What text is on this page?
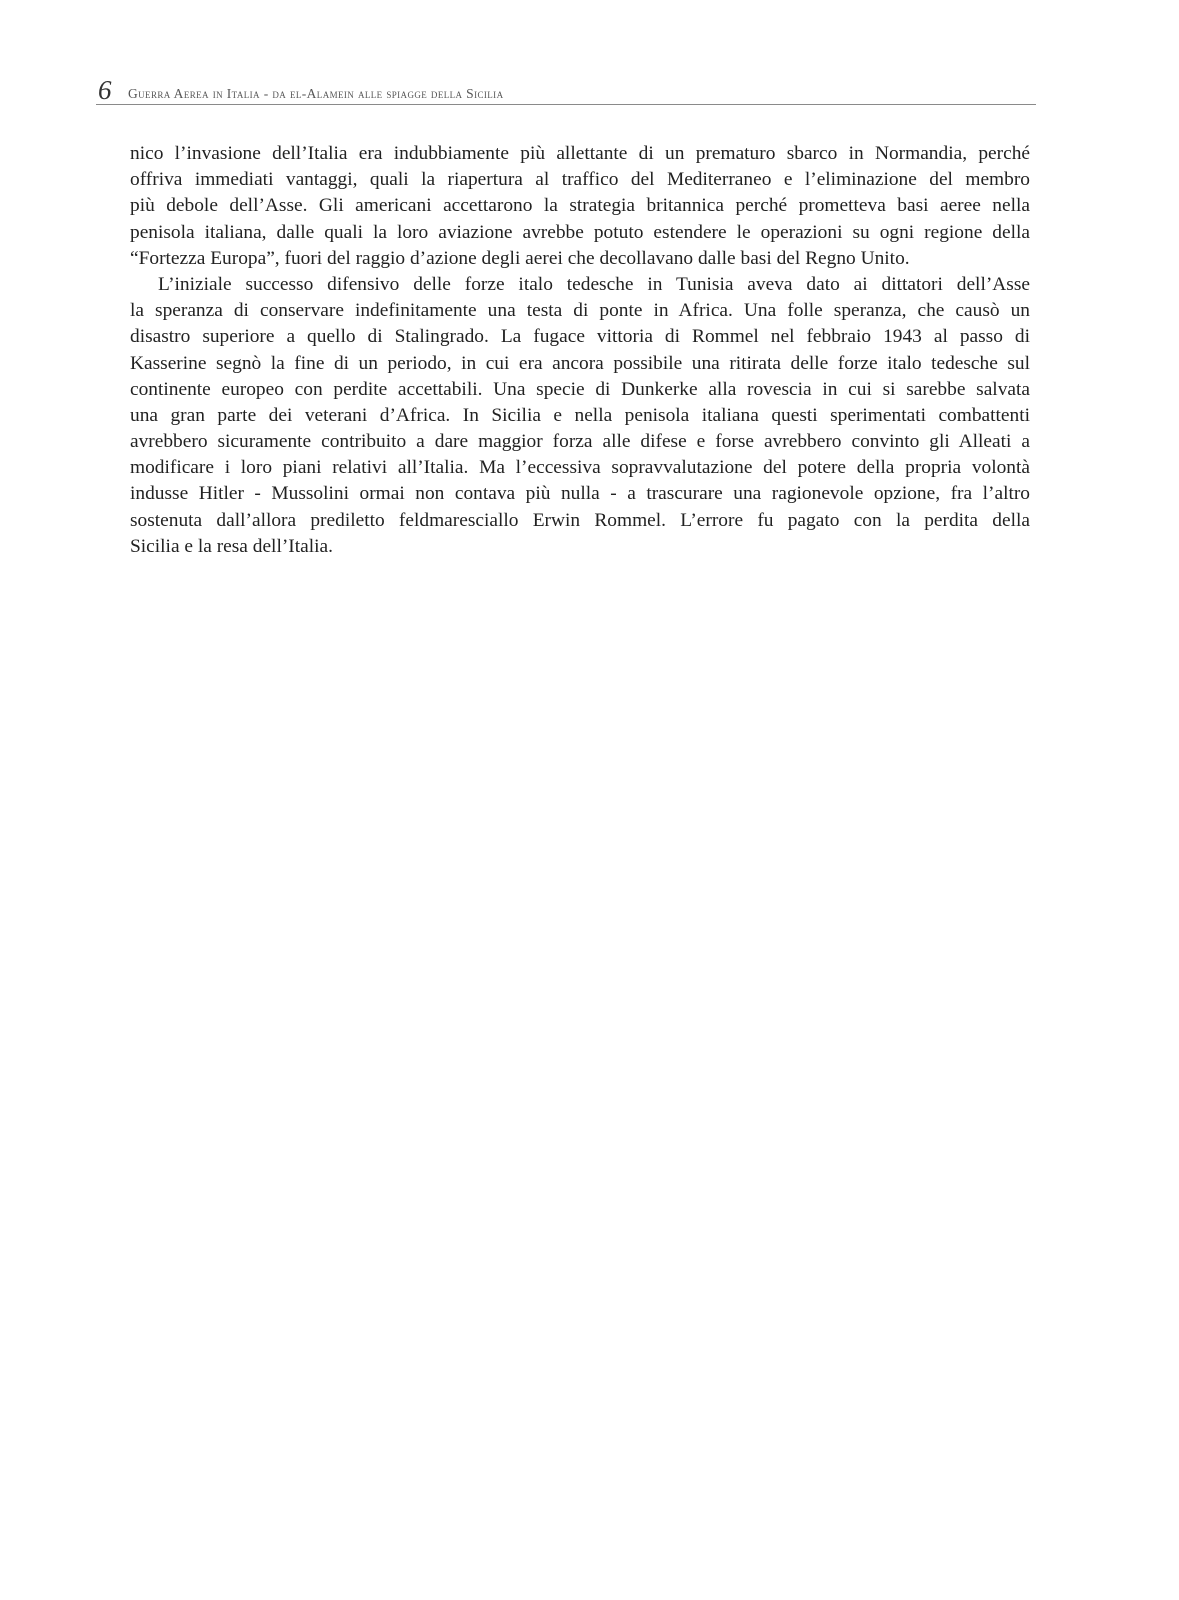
6 Guerra Aerea in Italia - da el-Alamein alle spiagge della Sicilia
nico l’invasione dell’Italia era indubbiamente più allettante di un prematuro sbarco in Normandia, perché
offriva immediati vantaggi, quali la riapertura al traffico del Mediterraneo e l’eliminazione del membro
più debole dell’Asse. Gli americani accettarono la strategia britannica perché prometteva basi aeree nella
penisola italiana, dalle quali la loro aviazione avrebbe potuto estendere le operazioni su ogni regione della
“Fortezza Europa”, fuori del raggio d’azione degli aerei che decollavano dalle basi del Regno Unito.
L’iniziale successo difensivo delle forze italo tedesche in Tunisia aveva dato ai dittatori dell’Asse
la speranza di conservare indefinitamente una testa di ponte in Africa. Una folle speranza, che causò un
disastro superiore a quello di Stalingrado. La fugace vittoria di Rommel nel febbraio 1943 al passo di
Kasserine segnò la fine di un periodo, in cui era ancora possibile una ritirata delle forze italo tedesche sul
continente europeo con perdite accettabili. Una specie di Dunkerke alla rovescia in cui si sarebbe salvata
una gran parte dei veterani d’Africa. In Sicilia e nella penisola italiana questi sperimentati combattenti
avrebbero sicuramente contribuito a dare maggior forza alle difese e forse avrebbero convinto gli Alleati a
modificare i loro piani relativi all’Italia. Ma l’eccessiva sopravvalutazione del potere della propria volontà
indusse Hitler - Mussolini ormai non contava più nulla - a trascurare una ragionevole opzione, fra l’altro
sostenuta dall’allora prediletto feldmaresciallo Erwin Rommel. L’errore fu pagato con la perdita della
Sicilia e la resa dell’Italia.
